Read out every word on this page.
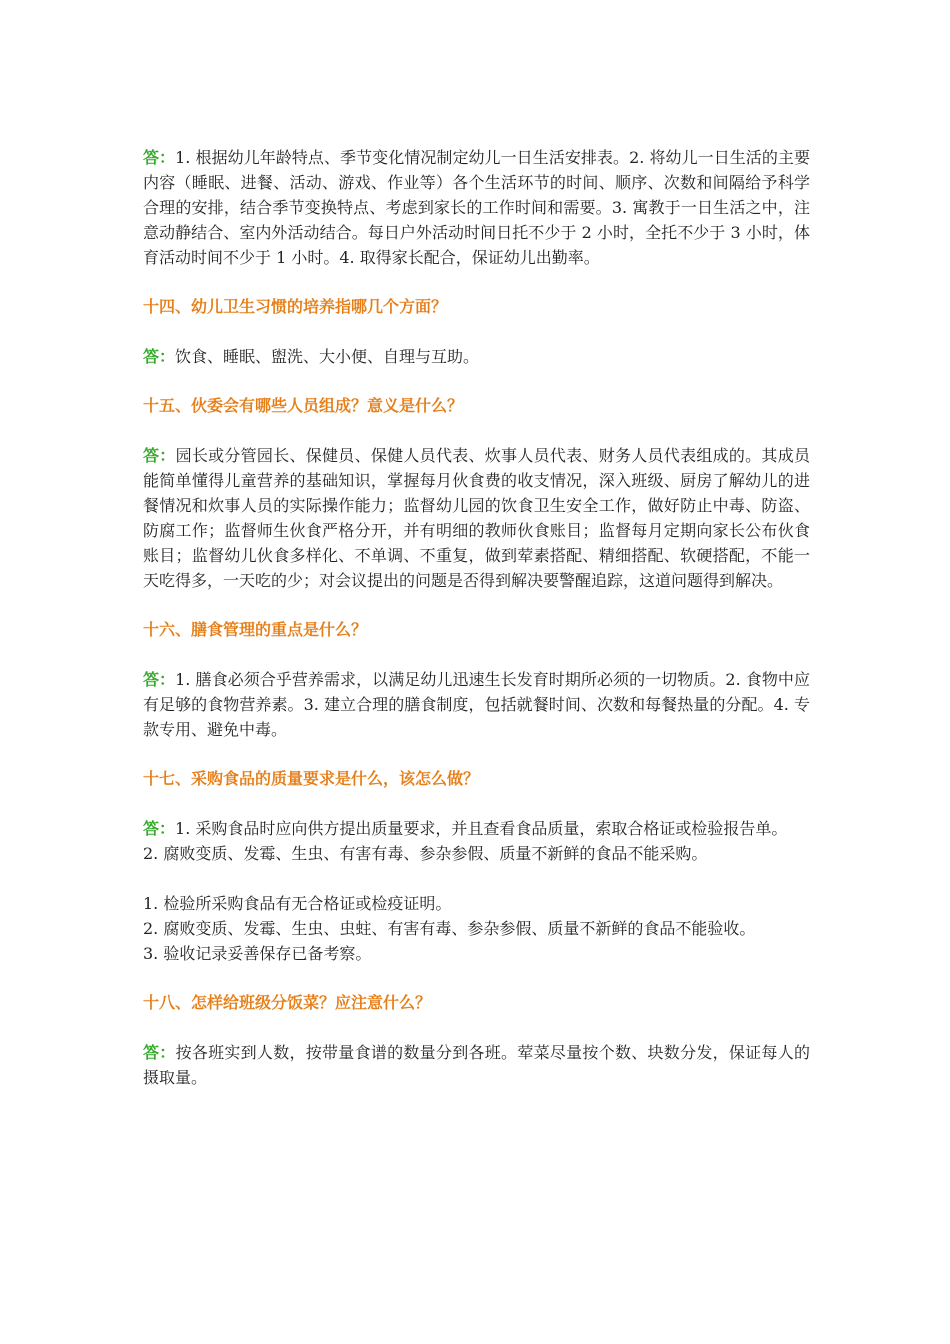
答：1. 根据幼儿年龄特点、季节变化情况制定幼儿一日生活安排表。2. 将幼儿一日生活的主要内容（睡眠、进餐、活动、游戏、作业等）各个生活环节的时间、顺序、次数和间隔给予科学合理的安排，结合季节变换特点、考虑到家长的工作时间和需要。3. 寓教于一日生活之中，注意动静结合、室内外活动结合。每日户外活动时间日托不少于 2 小时，全托不少于 3 小时，体育活动时间不少于 1 小时。4. 取得家长配合，保证幼儿出勤率。

十四、幼儿卫生习惯的培养指哪几个方面？

答：饮食、睡眠、盥洗、大小便、自理与互助。

十五、伙委会有哪些人员组成？意义是什么？

答：园长或分管园长、保健员、保健人员代表、炊事人员代表、财务人员代表组成的。其成员能简单懂得儿童营养的基础知识，掌握每月伙食费的收支情况，深入班级、厨房了解幼儿的进餐情况和炊事人员的实际操作能力；监督幼儿园的饮食卫生安全工作，做好防止中毒、防盗、防腐工作；监督师生伙食严格分开，并有明细的教师伙食账目；监督每月定期向家长公布伙食账目；监督幼儿伙食多样化、不单调、不重复，做到荤素搭配、精细搭配、软硬搭配，不能一天吃得多，一天吃的少；对会议提出的问题是否得到解决要警醒追踪，这道问题得到解决。

十六、膳食管理的重点是什么？

答：1. 膳食必须合乎营养需求，以满足幼儿迅速生长发育时期所必须的一切物质。2. 食物中应有足够的食物营养素。3. 建立合理的膳食制度，包括就餐时间、次数和每餐热量的分配。4. 专款专用、避免中毒。

十七、采购食品的质量要求是什么，该怎么做？

答：1. 采购食品时应向供方提出质量要求，并且查看食品质量，索取合格证或检验报告单。

2. 腐败变质、发霉、生虫、有害有毒、参杂参假、质量不新鲜的食品不能采购。

1. 检验所采购食品有无合格证或检疫证明。

2. 腐败变质、发霉、生虫、虫蛀、有害有毒、参杂参假、质量不新鲜的食品不能验收。

3. 验收记录妥善保存已备考察。

十八、怎样给班级分饭菜？应注意什么？

答：按各班实到人数，按带量食谱的数量分到各班。荤菜尽量按个数、块数分发，保证每人的摄取量。
